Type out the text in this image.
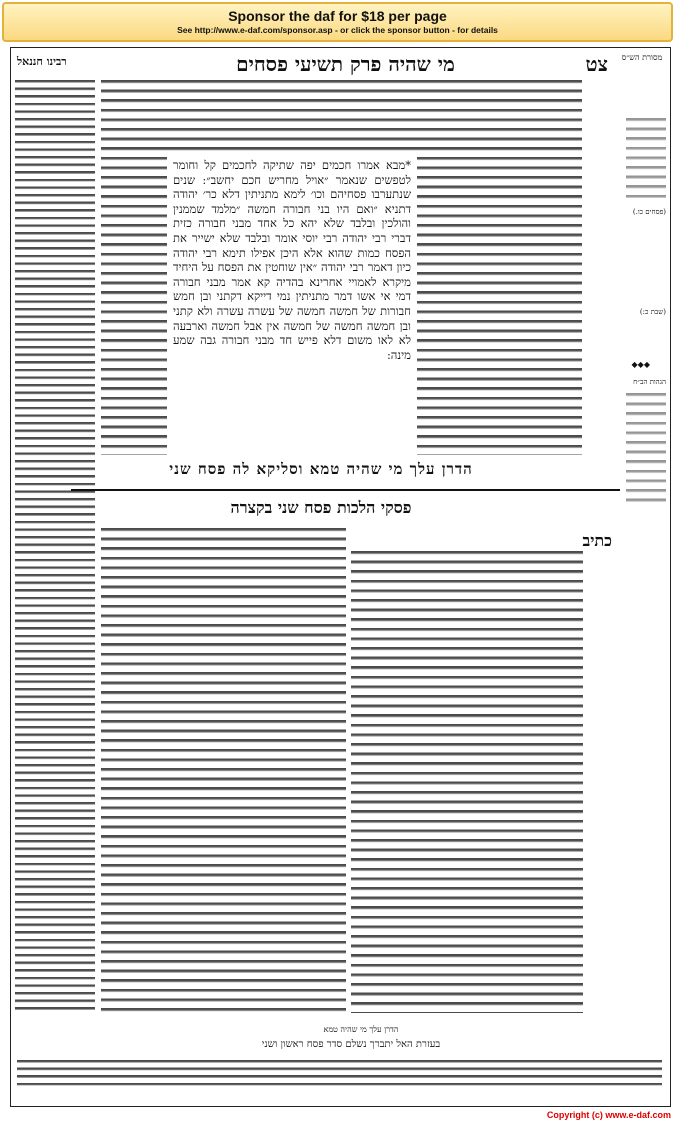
Sponsor the daf for $18 per page
See http://www.e-daf.com/sponsor.asp - or click the sponsor button - for details
מסורת הש״ס
צט
מי שהיה פרק תשיעי פסחים
רבינו חננאל
(פסחים כו.)
(שבת כ:)
הגהות הב״ח
◆◆◆
*מבא אמרו חכמים יפה שתיקה לחכמים קל וחומר לטפשים שנאמר ״אויל מחריש חכם יחשב״: שנים שנתערבו פסחיהם וכו׳ לימא מתניתין דלא כר׳ יהודה דתניא ״ואם היו בני חבורה חמשה ״מלמד שממנין והולכין ובלבד שלא יהא כל אחד מבני חבורה כזית דברי רבי יהודה רבי יוסי אומר ובלבד שלא ישייר את הפסח כמות שהוא אלא היכן אפילו תימא רבי יהודה כיון דאמר רבי יהודה ״אין שוחטין את הפסח על היחיד מיקרא לאמויי אחרינא בהדיה קא אמר מבני חבורה דמי אי אשו דמר מתניתין נמי דייקא דקתני ובן חמש חבורות של חמשה חמשה של עשרה עשרה ולא קתני ובן חמשה חמשה של חמשה אין אבל חמשה וארבעה לא לאו משום דלא פייש חד מבני חבורה גבה שמע מינה:
הדרן עלך מי שהיה טמא וסליקא לה פסח שני
פסקי הלכות פסח שני בקצרה
כתיב
הדרן עלך מי שהיה טמא
בעזרת האל יתברך נשלם סדר פסח ראשון ושני
Copyright (c) www.e-daf.com
